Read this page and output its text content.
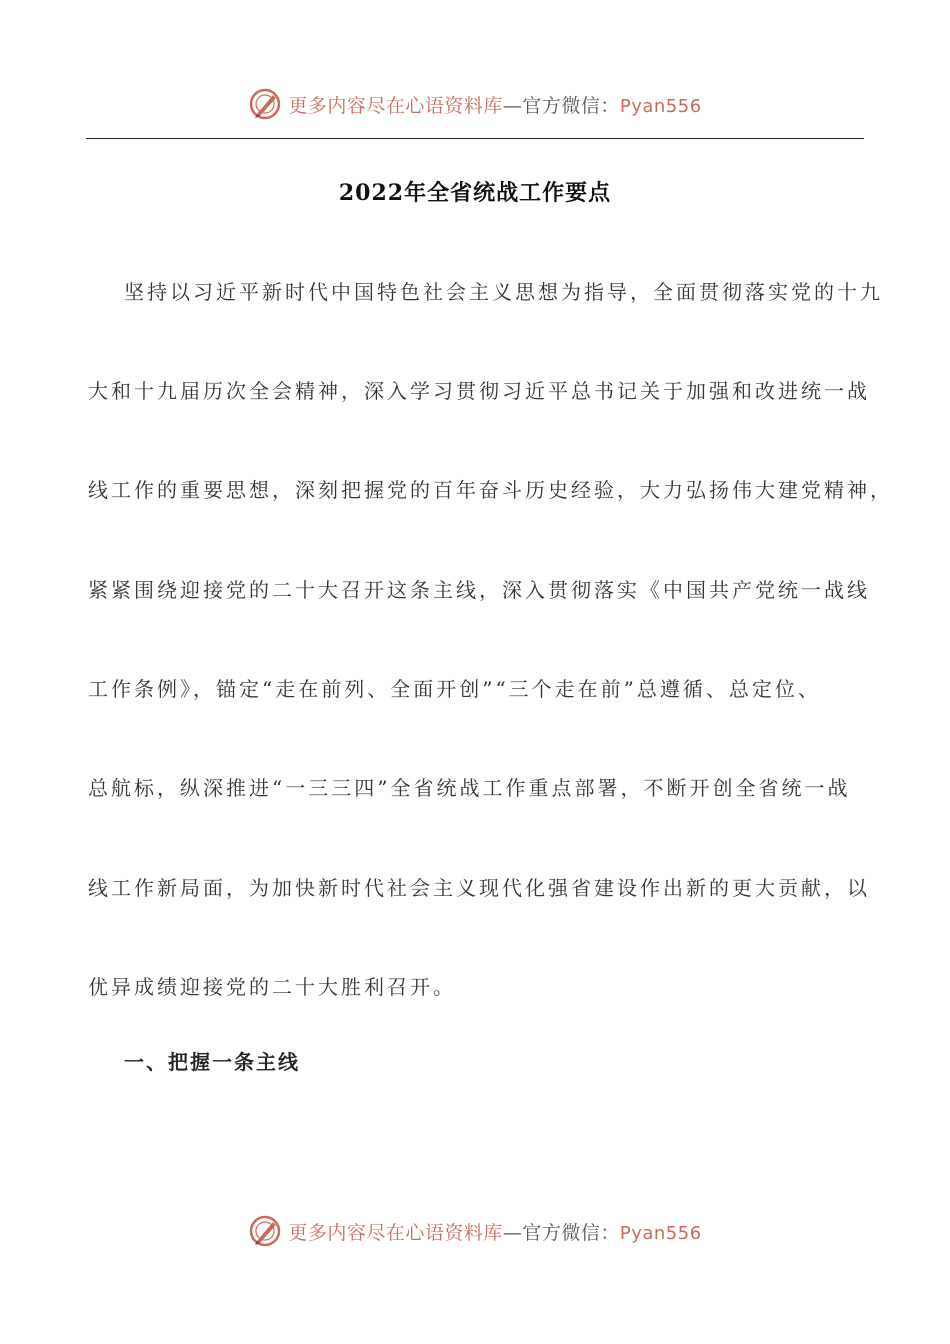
更多内容尽在心语资料库—官方微信：Pyan556
2022年全省统战工作要点
坚持以习近平新时代中国特色社会主义思想为指导，全面贯彻落实党的十九
大和十九届历次全会精神，深入学习贯彻习近平总书记关于加强和改进统一战
线工作的重要思想，深刻把握党的百年奋斗历史经验，大力弘扬伟大建党精神，
紧紧围绕迎接党的二十大召开这条主线，深入贯彻落实《中国共产党统一战线
工作条例》，锚定“走在前列、全面开创”“三个走在前”总遵循、总定位、
总航标，纵深推进“一三三四”全省统战工作重点部署，不断开创全省统一战
线工作新局面，为加快新时代社会主义现代化强省建设作出新的更大贡献，以
优异成绩迎接党的二十大胜利召开。
一、把握一条主线
更多内容尽在心语资料库—官方微信：Pyan556
